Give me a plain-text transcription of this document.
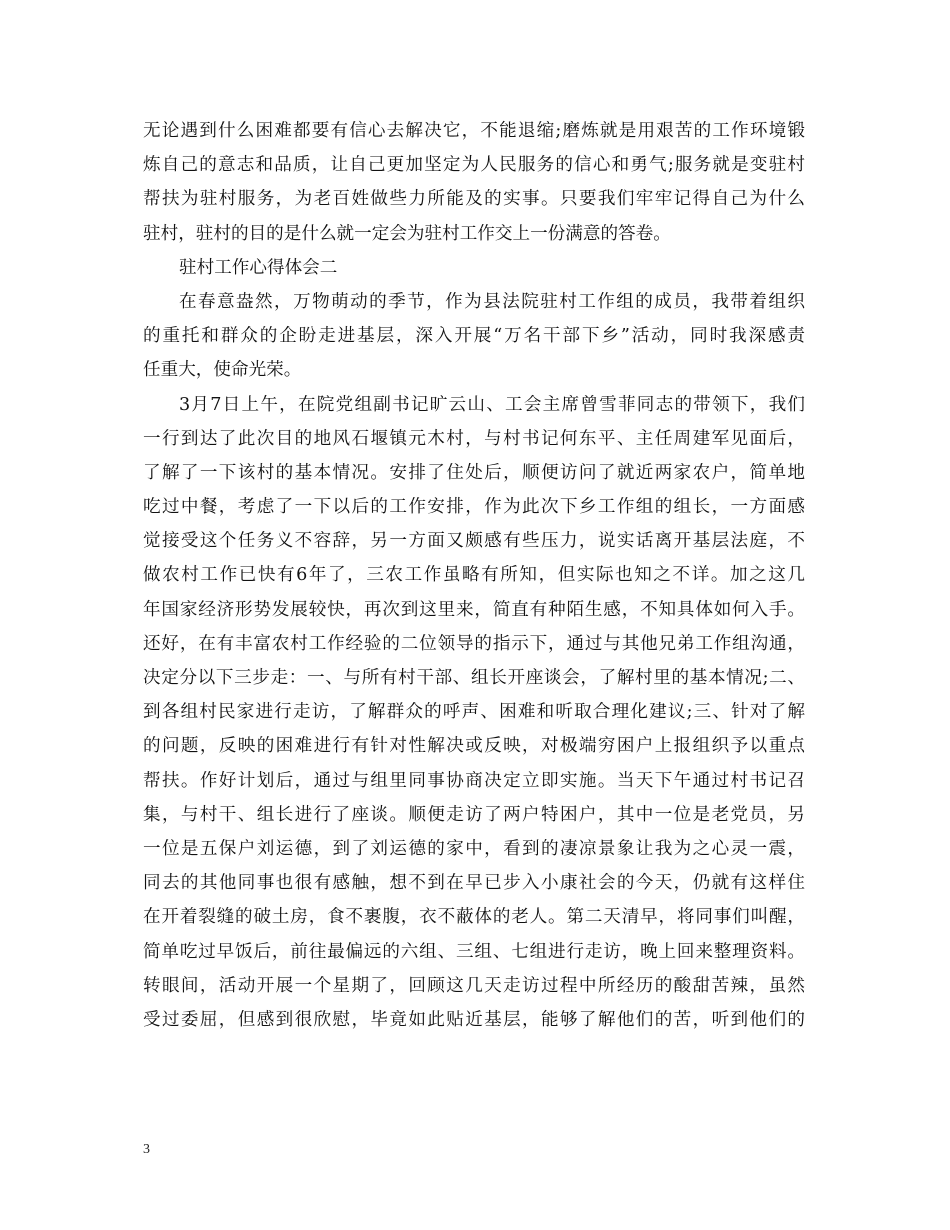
无论遇到什么困难都要有信心去解决它，不能退缩;磨炼就是用艰苦的工作环境锻
炼自己的意志和品质，让自己更加坚定为人民服务的信心和勇气;服务就是变驻村
帮扶为驻村服务，为老百姓做些力所能及的实事。只要我们牢牢记得自己为什么
驻村，驻村的目的是什么就一定会为驻村工作交上一份满意的答卷。
驻村工作心得体会二
在春意盎然，万物萌动的季节，作为县法院驻村工作组的成员，我带着组织
的重托和群众的企盼走进基层，深入开展“万名干部下乡”活动，同时我深感责
任重大，使命光荣。
3月7日上午，在院党组副书记旷云山、工会主席曾雪菲同志的带领下，我们
一行到达了此次目的地风石堰镇元木村，与村书记何东平、主任周建军见面后，
了解了一下该村的基本情况。安排了住处后，顺便访问了就近两家农户，简单地
吃过中餐，考虑了一下以后的工作安排，作为此次下乡工作组的组长，一方面感
觉接受这个任务义不容辞，另一方面又颇感有些压力，说实话离开基层法庭，不
做农村工作已快有6年了，三农工作虽略有所知，但实际也知之不详。加之这几
年国家经济形势发展较快，再次到这里来，简直有种陌生感，不知具体如何入手。
还好，在有丰富农村工作经验的二位领导的指示下，通过与其他兄弟工作组沟通，
决定分以下三步走：一、与所有村干部、组长开座谈会，了解村里的基本情况;二、
到各组村民家进行走访，了解群众的呼声、困难和听取合理化建议;三、针对了解
的问题，反映的困难进行有针对性解决或反映，对极端穷困户上报组织予以重点
帮扶。作好计划后，通过与组里同事协商决定立即实施。当天下午通过村书记召
集，与村干、组长进行了座谈。顺便走访了两户特困户，其中一位是老党员，另
一位是五保户刘运德，到了刘运德的家中，看到的凄凉景象让我为之心灵一震，
同去的其他同事也很有感触，想不到在早已步入小康社会的今天，仍就有这样住
在开着裂缝的破土房，食不裹腹，衣不蔽体的老人。第二天清早，将同事们叫醒，
简单吃过早饭后，前往最偏远的六组、三组、七组进行走访，晚上回来整理资料。
转眼间，活动开展一个星期了，回顾这几天走访过程中所经历的酸甜苦辣，虽然
受过委屈，但感到很欣慰，毕竟如此贴近基层，能够了解他们的苦，听到他们的
3
